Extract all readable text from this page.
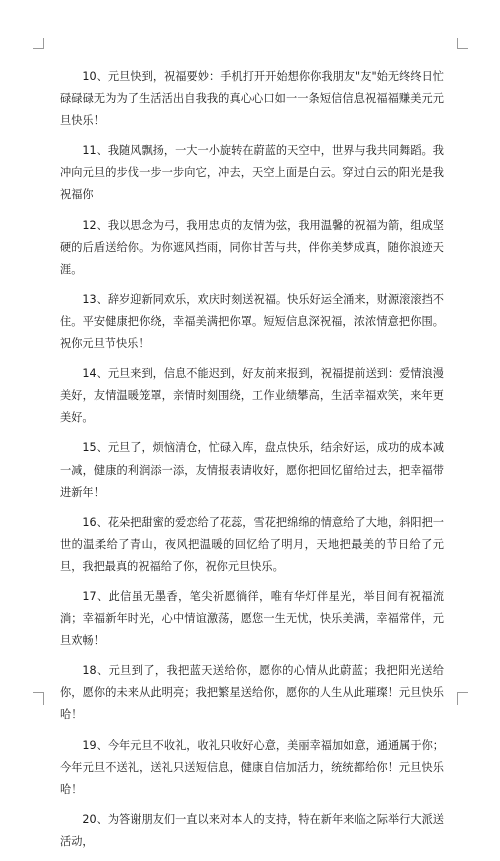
10、元旦快到，祝福要妙：手机打开开始想你你我朋友"友"始无终终日忙碌碌碌无为为了生活活出自我我的真心心口如一一条短信信息祝福福赚美元元旦快乐！

11、我随风飘扬，一大一小旋转在蔚蓝的天空中，世界与我共同舞蹈。我冲向元旦的步伐一步一步向它，冲去，天空上面是白云。穿过白云的阳光是我祝福你

12、我以思念为弓，我用忠贞的友情为弦，我用温馨的祝福为箭，组成坚硬的后盾送给你。为你遮风挡雨，同你甘苦与共，伴你美梦成真，随你浪迹天涯。

13、辞岁迎新同欢乐，欢庆时刻送祝福。快乐好运全涌来，财源滚滚挡不住。平安健康把你绕，幸福美满把你罩。短短信息深祝福，浓浓情意把你围。祝你元旦节快乐！

14、元旦来到，信息不能迟到，好友前来报到，祝福提前送到：爱情浪漫美好，友情温暖笼罩，亲情时刻围绕，工作业绩攀高，生活幸福欢笑，来年更美好。

15、元旦了，烦恼清仓，忙碌入库，盘点快乐，结余好运，成功的成本减一减，健康的利润添一添，友情报表请收好，愿你把回忆留给过去，把幸福带进新年！

16、花朵把甜蜜的爱恋给了花蕊，雪花把绵绵的情意给了大地，斜阳把一世的温柔给了青山，夜风把温暖的回忆给了明月，天地把最美的节日给了元旦，我把最真的祝福给了你，祝你元旦快乐。

17、此信虽无墨香，笔尖祈愿徜徉，唯有华灯伴星光，举目间有祝福流淌；幸福新年时光，心中情谊激荡，愿您一生无忧，快乐美满，幸福常伴，元旦欢畅！

18、元旦到了，我把蓝天送给你，愿你的心情从此蔚蓝；我把阳光送给你，愿你的未来从此明亮；我把繁星送给你，愿你的人生从此璀璨！元旦快乐哈！

19、今年元旦不收礼，收礼只收好心意，美丽幸福加如意，通通属于你；今年元旦不送礼，送礼只送短信息，健康自信加活力，统统都给你！元旦快乐哈！

20、为答谢朋友们一直以来对本人的支持，特在新年来临之际举行大派送活动，
